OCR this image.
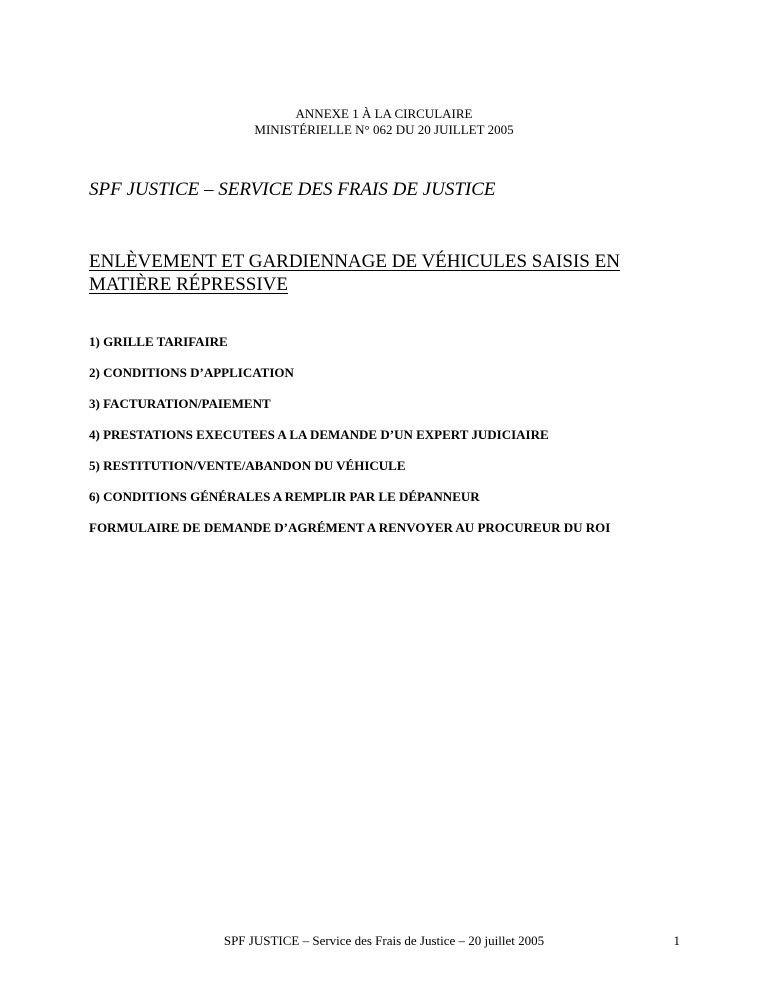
ANNEXE 1 À LA CIRCULAIRE
MINISTÉRIELLE N° 062 DU 20 JUILLET 2005
SPF JUSTICE – SERVICE DES FRAIS DE JUSTICE
ENLÈVEMENT ET GARDIENNAGE DE VÉHICULES SAISIS EN MATIÈRE RÉPRESSIVE
1) GRILLE TARIFAIRE
2) CONDITIONS D’APPLICATION
3) FACTURATION/PAIEMENT
4) PRESTATIONS EXECUTEES A LA DEMANDE D’UN EXPERT JUDICIAIRE
5) RESTITUTION/VENTE/ABANDON DU VÉHICULE
6) CONDITIONS GÉNÉRALES A REMPLIR PAR LE DÉPANNEUR
FORMULAIRE DE DEMANDE D’AGRÉMENT A RENVOYER AU PROCUREUR DU ROI
SPF JUSTICE – Service des Frais de Justice – 20 juillet 2005	1
